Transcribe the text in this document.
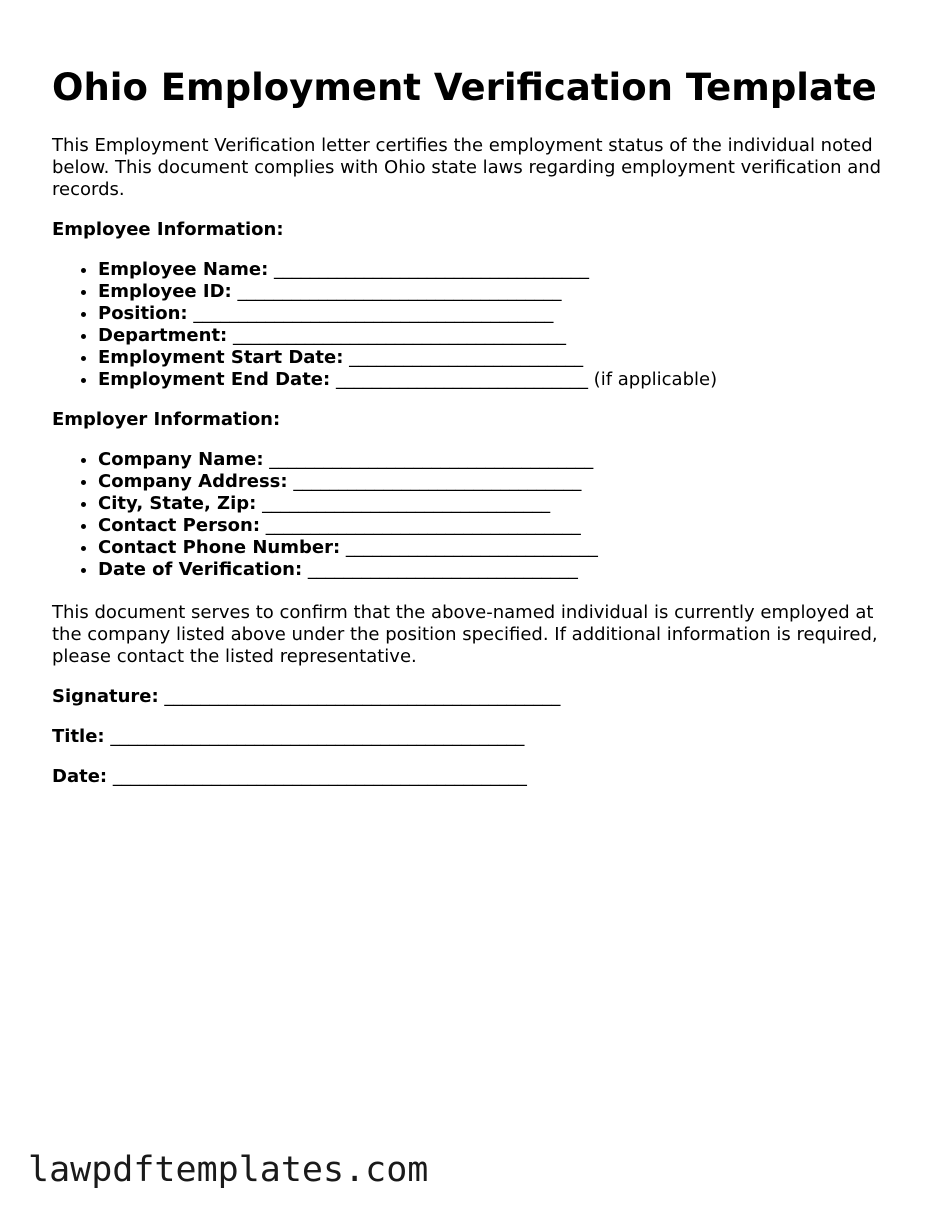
Ohio Employment Verification Template

This Employment Verification letter certifies the employment status of the individual noted below. This document complies with Ohio state laws regarding employment verification and records.

Employee Information:

• Employee Name: ___________________________________
• Employee ID: ____________________________________
• Position: ________________________________________
• Department: _____________________________________
• Employment Start Date: __________________________
• Employment End Date: ____________________________ (if applicable)

Employer Information:

• Company Name: ____________________________________
• Company Address: ________________________________
• City, State, Zip: ________________________________
• Contact Person: ___________________________________
• Contact Phone Number: ____________________________
• Date of Verification: ______________________________

This document serves to confirm that the above-named individual is currently employed at the company listed above under the position specified. If additional information is required, please contact the listed representative.

Signature: ____________________________________________

Title: ______________________________________________

Date: ______________________________________________

lawpdftemplates.com
